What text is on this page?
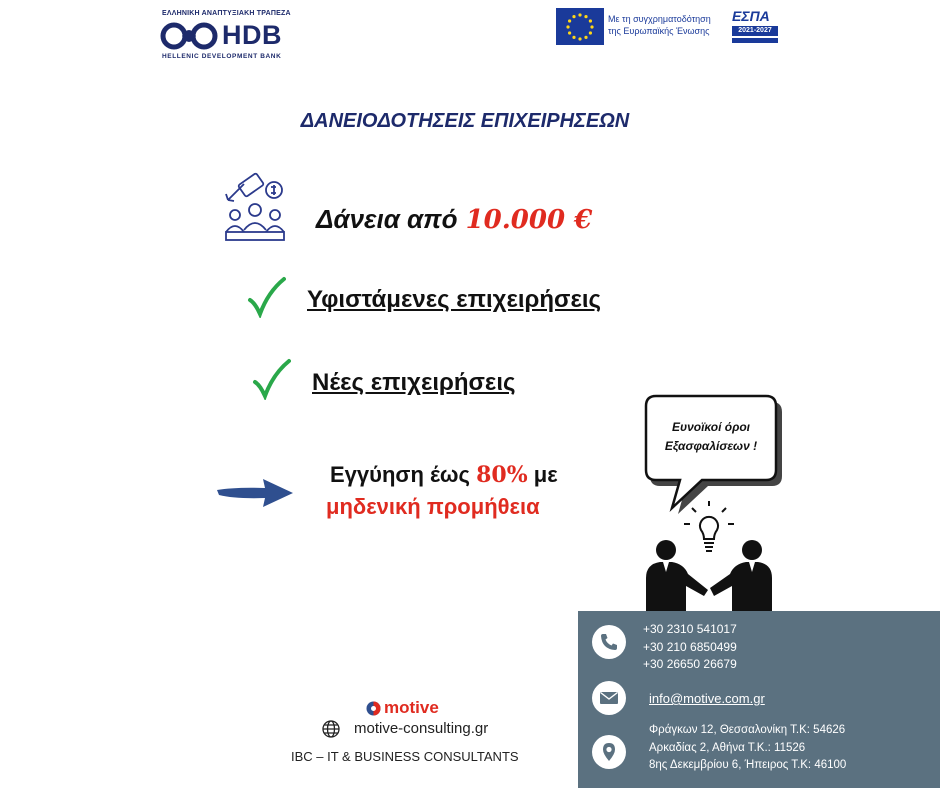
ΕΛΛΗΝΙΚΗ ΑΝΑΠΤΥΞΙΑΚΗ ΤΡΑΠΕΖΑ
HDB
HELLENIC DEVELOPMENT BANK
Με τη συγχρηματοδότηση
της Ευρωπαϊκής Ένωσης
ΕΣΠΑ
2021-2027
ΔΑΝΕΙΟΔΟΤΗΣΕΙΣ ΕΠΙΧΕΙΡΗΣΕΩΝ
Δάνεια από 10.000 €
Υφιστάμενες επιχειρήσεις
Νέες επιχειρήσεις
Εγγύηση έως 80% με
μηδενική προμήθεια
Ευνοϊκοί όροι
Εξασφαλίσεων !
motive
motive-consulting.gr
IBC – IT & BUSINESS CONSULTANTS
+30 2310 541017
+30 210 6850499
+30 26650 26679
info@motive.com.gr
Φράγκων 12, Θεσσαλονίκη Τ.Κ: 54626
Αρκαδίας 2, Αθήνα Τ.Κ.: 11526
8ης Δεκεμβρίου 6, Ήπειρος Τ.Κ: 46100
